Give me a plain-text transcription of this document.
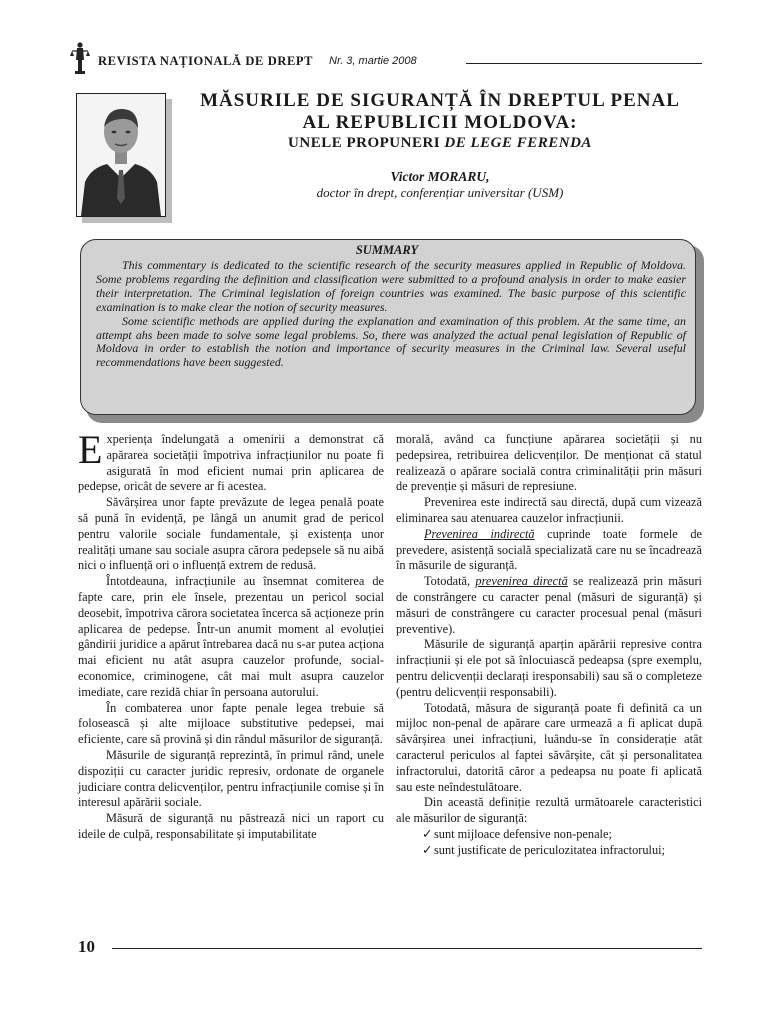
REVISTA NAȚIONALĂ DE DREPT Nr. 3, martie 2008
MĂSURILE DE SIGURANȚĂ ÎN DREPTUL PENAL
AL REPUBLICII MOLDOVA:
UNELE PROPUNERI DE LEGE FERENDA
Victor MORARU,
doctor în drept, conferențiar universitar (USM)
SUMMARY

This commentary is dedicated to the scientific research of the security measures applied in Republic of Moldova. Some problems regarding the definition and classification were submitted to a profound analysis in order to make easier their interpretation. The Criminal legislation of foreign countries was examined. The basic purpose of this scientific examination is to make clear the notion of security measures.

Some scientific methods are applied during the explanation and examination of this problem. At the same time, an attempt ahs been made to solve some legal problems. So, there was analyzed the actual penal legislation of Republic of Moldova in order to establish the notion and importance of security measures in the Criminal law. Several useful recommendations have been suggested.

Experiența îndelungată a omenirii a demonstrat că apărarea societății împotriva infracțiunilor nu poate fi asigurată în mod eficient numai prin aplicarea de pedepse, oricât de severe ar fi acestea.

Săvârșirea unor fapte prevăzute de legea penală poate să pună în evidență, pe lângă un anumit grad de pericol pentru valorile sociale fundamentale, și existența unor realități umane sau sociale asupra cărora pedepsele să nu aibă nici o influență ori o influență extrem de redusă.

Întotdeauna, infracțiunile au însemnat comiterea de fapte care, prin ele însele, prezentau un pericol social deosebit, împotriva cărora societatea încerca să acționeze prin aplicarea de pedepse. Într-un anumit moment al evoluției gândirii juridice a apărut întrebarea dacă nu s-ar putea acționa mai eficient nu atât asupra cauzelor profunde, social-economice, criminogene, cât mai mult asupra cauzelor imediate, care rezidă chiar în persoana autorului.

În combaterea unor fapte penale legea trebuie să folosească și alte mijloace substitutive pedepsei, mai eficiente, care să provină și din rândul măsurilor de siguranță.

Măsurile de siguranță reprezintă, în primul rând, unele dispoziții cu caracter juridic represiv, ordonate de organele judiciare contra delicvenților, pentru infracțiunile comise și în interesul apărării sociale.

Măsură de siguranță nu păstrează nici un raport cu ideile de culpă, responsabilitate și imputabilitate

morală, având ca funcțiune apărarea societății și nu pedepsirea, retribuirea delicvenților. De menționat că statul realizează o apărare socială contra criminalității prin măsuri de prevenție și măsuri de represiune.

Prevenirea este indirectă sau directă, după cum vizează eliminarea sau atenuarea cauzelor infracțiunii.

Prevenirea indirectă cuprinde toate formele de prevedere, asistență socială specializată care nu se încadrează în măsurile de siguranță.

Totodată, prevenirea directă se realizează prin măsuri de constrângere cu caracter penal (măsuri de siguranță) și măsuri de constrângere cu caracter procesual penal (măsuri preventive).

Măsurile de siguranță aparțin apărării represive contra infracțiunii și ele pot să înlocuiască pedeapsa (spre exemplu, pentru delicvenții declarați iresponsabili) sau să o completeze (pentru delicvenții responsabili).

Totodată, măsura de siguranță poate fi definită ca un mijloc non-penal de apărare care urmează a fi aplicat după săvârșirea unei infracțiuni, luându-se în considerație atât caracterul periculos al faptei săvârșite, cât și personalitatea infractorului, datorită căror a pedeapsa nu poate fi aplicată sau este neîndestulătoare.

Din această definiție rezultă următoarele caracteristici ale măsurilor de siguranță:

✓ sunt mijloace defensive non-penale;

✓ sunt justificate de periculozitatea infractorului;

10
